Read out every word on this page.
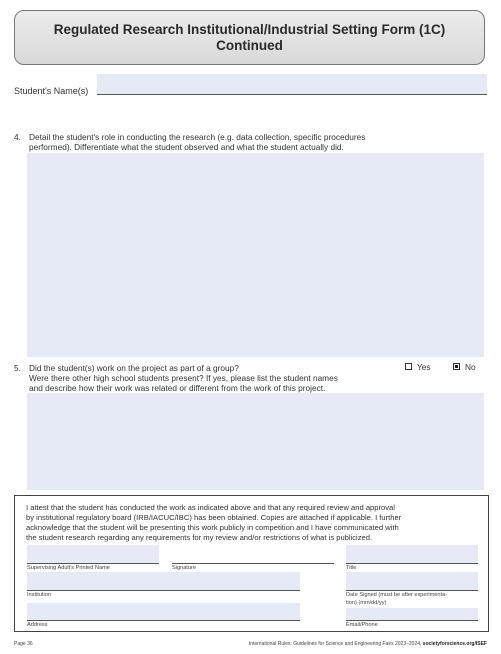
Regulated Research Institutional/Industrial Setting Form (1C)
Continued
Student's Name(s)
4. Detail the student's role in conducting the research (e.g. data collection, specific procedures
performed). Differentiate what the student observed and what the student actually did.
5. Did the student(s) work on the project as part of a group?
Were there other high school students present? If yes, please list the student names
and describe how their work was related or different from the work of this project.
Yes	No
I attest that the student has conducted the work as indicated above and that any required review and approval
by institutional regulatory board (IRB/IACUC/IBC) has been obtained. Copies are attached if applicable. I further
acknowledge that the student will be presenting this work publicly in competition and I have communicated with
the student research regarding any requirements for my review and/or restrictions of what is publicized.
Supervising Adult's Printed Name	Signature	Title
Institution	Date Signed (must be after experimenta-
tion) (mm/dd/yy)
Address	Email/Phone
Page 36	International Rules: Guidelines for Science and Engineering Fairs 2023–2024, societyforscience.org/ISEF
